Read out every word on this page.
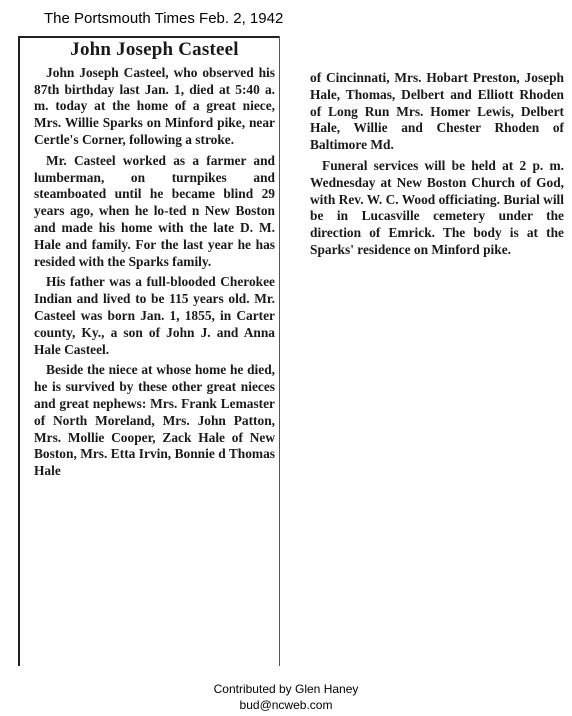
The Portsmouth Times Feb. 2, 1942
John Joseph Casteel

John Joseph Casteel, who observed his 87th birthday last Jan. 1, died at 5:40 a. m. today at the home of a great niece, Mrs. Willie Sparks on Minford pike, near Certle's Corner, following a stroke.

Mr. Casteel worked as a farmer and lumberman, on turnpikes and steamboated until he became blind 29 years ago, when he lo-ted n New Boston and made his home with the late D. M. Hale and family. For the last year he has resided with the Sparks family.

His father was a full-blooded Cherokee Indian and lived to be 115 years old. Mr. Casteel was born Jan. 1, 1855, in Carter county, Ky., a son of John J. and Anna Hale Casteel.

Beside the niece at whose home he died, he is survived by these other great nieces and great nephews: Mrs. Frank Lemaster of North Moreland, Mrs. John Patton, Mrs. Mollie Cooper, Zack Hale of New Boston, Mrs. Etta Irvin, Bonnie d Thomas Hale

of Cincinnati, Mrs. Hobart Preston, Joseph Hale, Thomas, Delbert and Elliott Rhoden of Long Run Mrs. Homer Lewis, Delbert Hale, Willie and Chester Rhoden of Baltimore Md.

Funeral services will be held at 2 p. m. Wednesday at New Boston Church of God, with Rev. W. C. Wood officiating. Burial will be in Lucasville cemetery under the direction of Emrick. The body is at the Sparks' residence on Minford pike.

Contributed by Glen Haney
bud@ncweb.com
